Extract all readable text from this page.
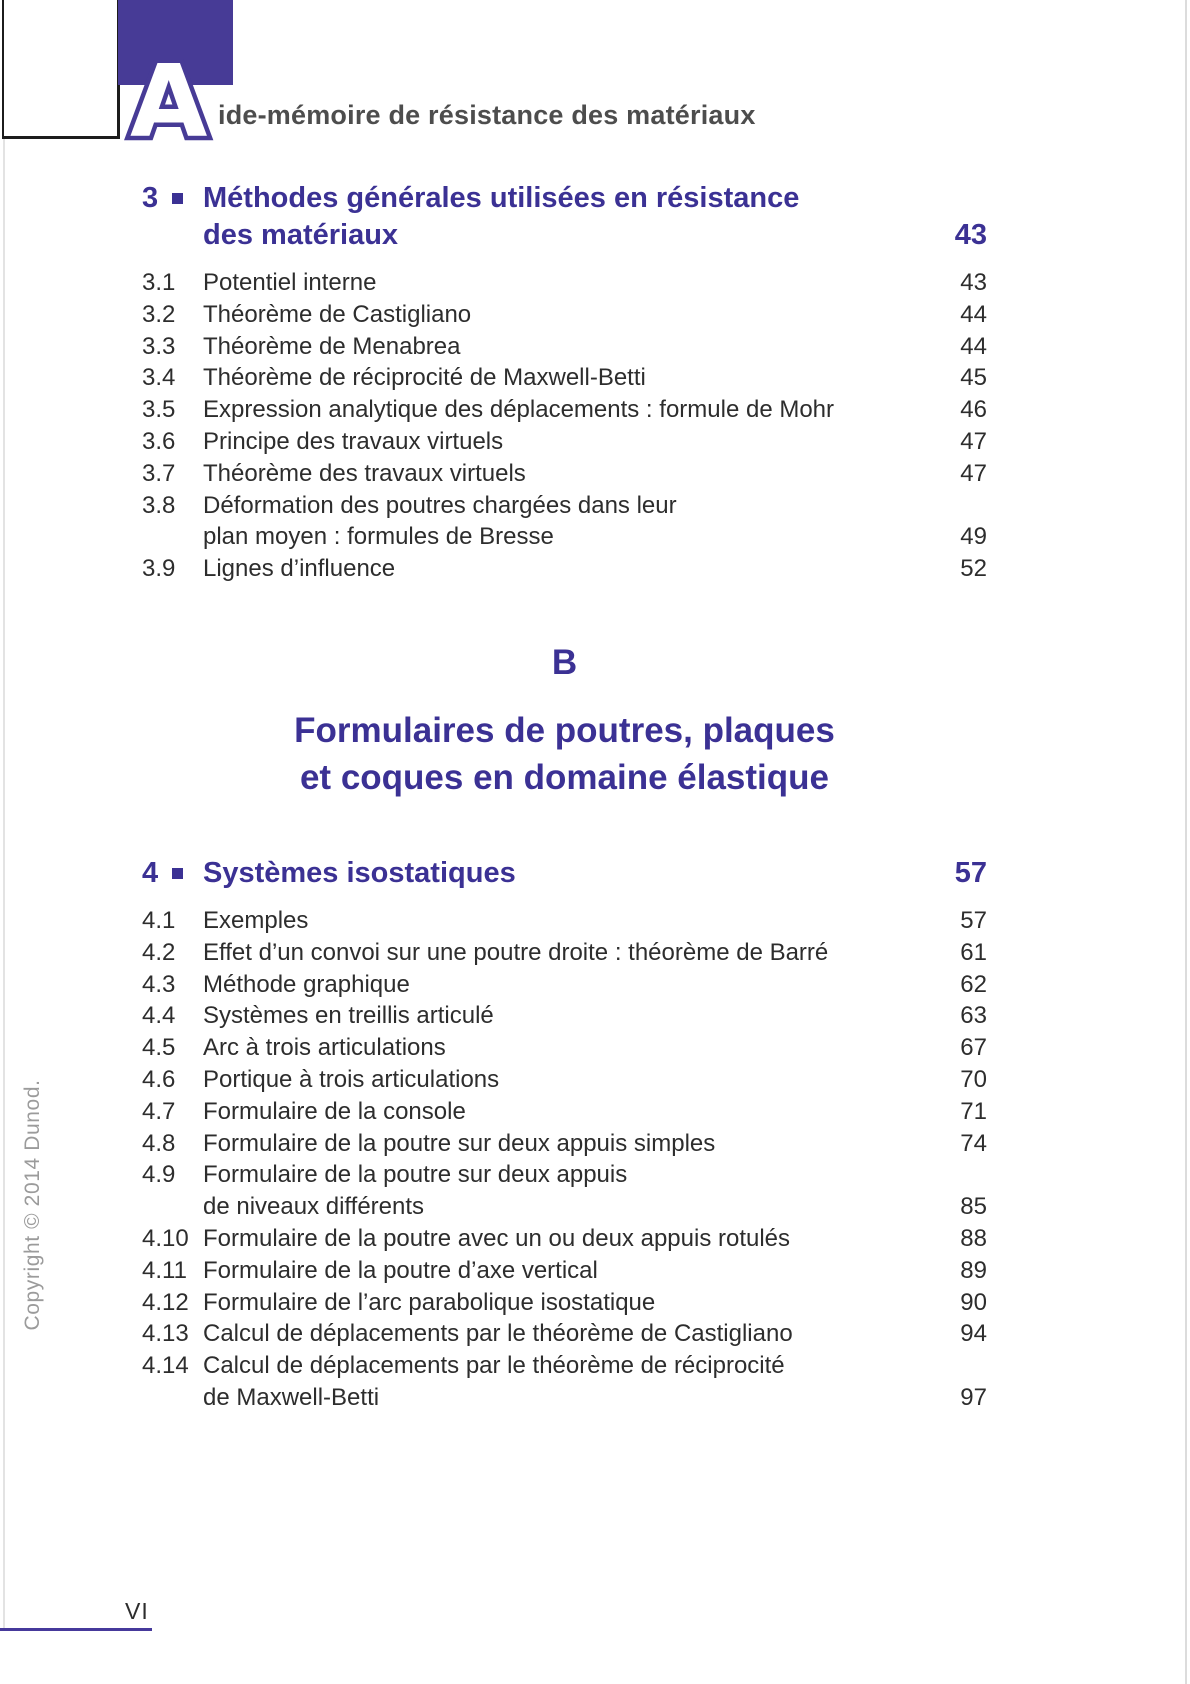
A ide-mémoire de résistance des matériaux
3 Méthodes générales utilisées en résistance
des matériaux	43
3.1	Potentiel interne	43
3.2	Théorème de Castigliano	44
3.3	Théorème de Menabrea	44
3.4	Théorème de réciprocité de Maxwell-Betti	45
3.5	Expression analytique des déplacements : formule de Mohr	46
3.6	Principe des travaux virtuels	47
3.7	Théorème des travaux virtuels	47
3.8	Déformation des poutres chargées dans leur
plan moyen : formules de Bresse	49
3.9	Lignes d’influence	52
B
Formulaires de poutres, plaques
et coques en domaine élastique
4 Systèmes isostatiques	57
4.1	Exemples	57
4.2	Effet d’un convoi sur une poutre droite : théorème de Barré	61
4.3	Méthode graphique	62
4.4	Systèmes en treillis articulé	63
4.5	Arc à trois articulations	67
4.6	Portique à trois articulations	70
4.7	Formulaire de la console	71
4.8	Formulaire de la poutre sur deux appuis simples	74
4.9	Formulaire de la poutre sur deux appuis
de niveaux différents	85
4.10 Formulaire de la poutre avec un ou deux appuis rotulés	88
4.11 Formulaire de la poutre d’axe vertical	89
4.12 Formulaire de l’arc parabolique isostatique	90
4.13 Calcul de déplacements par le théorème de Castigliano	94
4.14 Calcul de déplacements par le théorème de réciprocité
de Maxwell-Betti	97
Copyright © 2014 Dunod.
VI
